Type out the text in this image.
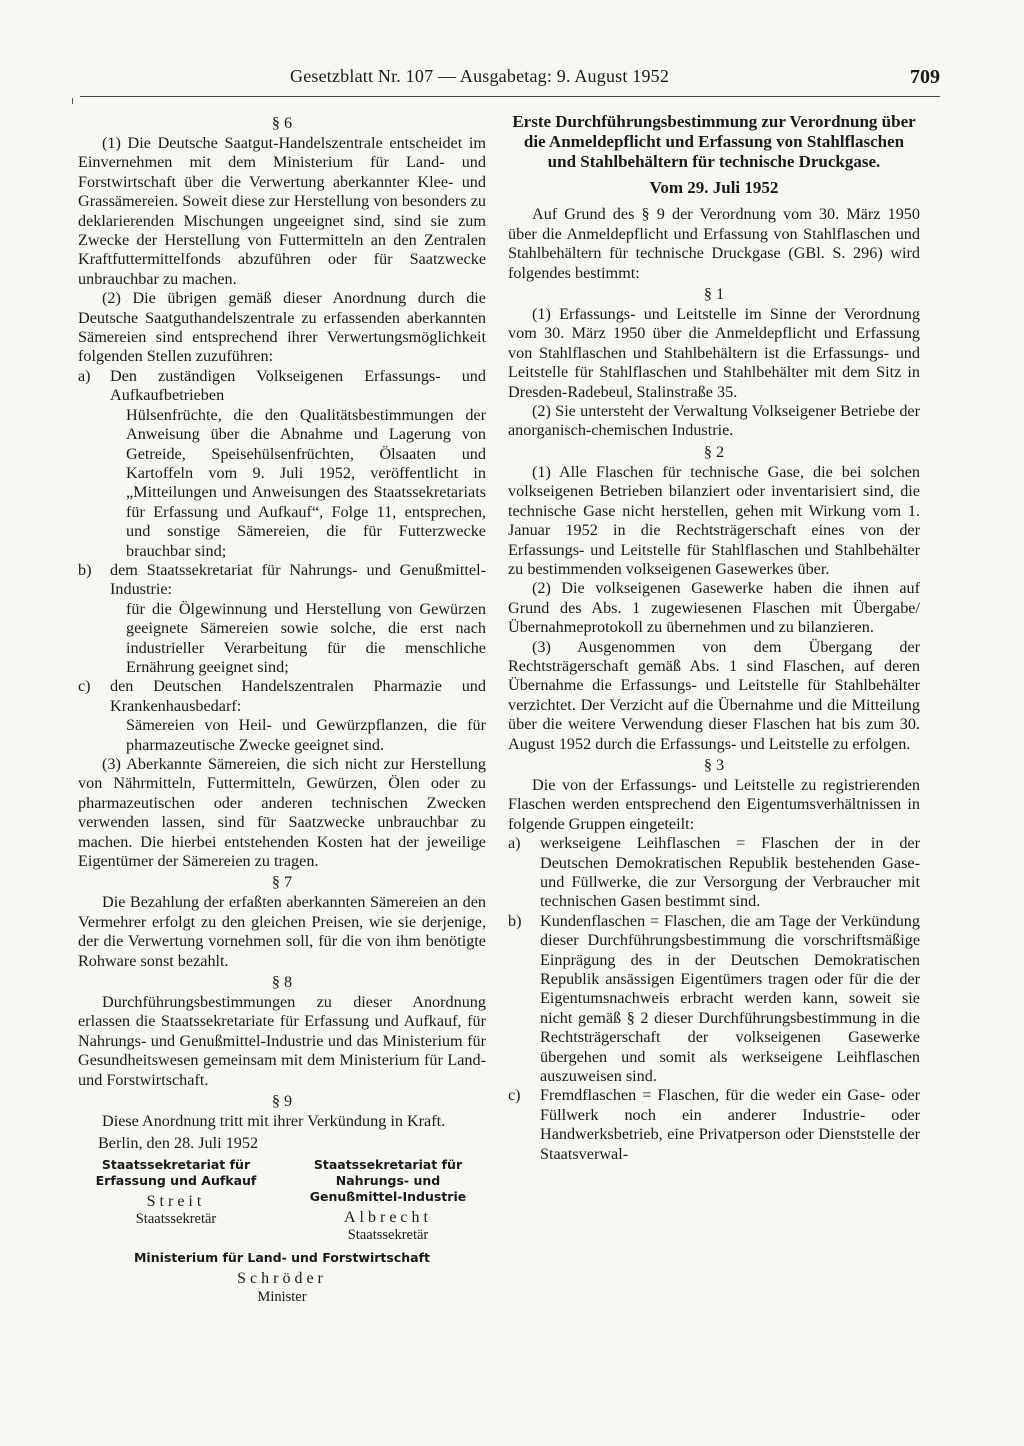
Gesetzblatt Nr. 107 — Ausgabetag: 9. August 1952	709

§ 6

(1) Die Deutsche Saatgut-Handelszentrale entscheidet im Einvernehmen mit dem Ministerium für Land- und Forstwirtschaft über die Verwertung aberkannter Klee- und Grassämereien. Soweit diese zur Herstellung von besonders zu deklarierenden Mischungen ungeeignet sind, sind sie zum Zwecke der Herstellung von Futtermitteln an den Zentralen Kraftfuttermittelfonds abzuführen oder für Saatzwecke unbrauchbar zu machen.

(2) Die übrigen gemäß dieser Anordnung durch die Deutsche Saatguthandelszentrale zu erfassenden aberkannten Sämereien sind entsprechend ihrer Verwertungsmöglichkeit folgenden Stellen zuzuführen:

a)	Den zuständigen Volkseigenen Erfassungs- und Aufkaufbetrieben

Hülsenfrüchte, die den Qualitätsbestimmungen der Anweisung über die Abnahme und Lagerung von Getreide, Speisehülsenfrüchten, Ölsaaten und Kartoffeln vom 9. Juli 1952, veröffentlicht in „Mitteilungen und Anweisungen des Staatssekretariats für Erfassung und Aufkauf“, Folge 11, entsprechen, und sonstige Sämereien, die für Futterzwecke brauchbar sind;

b)	dem Staatssekretariat für Nahrungs- und Genußmittel-Industrie:

für die Ölgewinnung und Herstellung von Gewürzen geeignete Sämereien sowie solche, die erst nach industrieller Verarbeitung für die menschliche Ernährung geeignet sind;

c)	den Deutschen Handelszentralen Pharmazie und Krankenhausbedarf:

Sämereien von Heil- und Gewürzpflanzen, die für pharmazeutische Zwecke geeignet sind.

(3) Aberkannte Sämereien, die sich nicht zur Herstellung von Nährmitteln, Futtermitteln, Gewürzen, Ölen oder zu pharmazeutischen oder anderen technischen Zwecken verwenden lassen, sind für Saatzwecke unbrauchbar zu machen. Die hierbei entstehenden Kosten hat der jeweilige Eigentümer der Sämereien zu tragen.

§ 7

Die Bezahlung der erfaßten aberkannten Sämereien an den Vermehrer erfolgt zu den gleichen Preisen, wie sie derjenige, der die Verwertung vornehmen soll, für die von ihm benötigte Rohware sonst bezahlt.

§ 8

Durchführungsbestimmungen zu dieser Anordnung erlassen die Staatssekretariate für Erfassung und Aufkauf, für Nahrungs- und Genußmittel-Industrie und das Ministerium für Gesundheitswesen gemeinsam mit dem Ministerium für Land- und Forstwirtschaft.

§ 9

Diese Anordnung tritt mit ihrer Verkündung in Kraft.

Berlin, den 28. Juli 1952

Staatssekretariat für Erfassung und Aufkauf
Streit
Staatssekretär
Staatssekretariat für Nahrungs- und Genußmittel-Industrie
Albrecht
Staatssekretär
Ministerium für Land- und Forstwirtschaft
Schröder
Minister

Erste Durchführungsbestimmung zur Verordnung über die Anmeldepflicht und Erfassung von Stahlflaschen und Stahlbehältern für technische Druckgase.

Vom 29. Juli 1952

Auf Grund des § 9 der Verordnung vom 30. März 1950 über die Anmeldepflicht und Erfassung von Stahlflaschen und Stahlbehältern für technische Druckgase (GBl. S. 296) wird folgendes bestimmt:

§ 1

(1) Erfassungs- und Leitstelle im Sinne der Verordnung vom 30. März 1950 über die Anmeldepflicht und Erfassung von Stahlflaschen und Stahlbehältern ist die Erfassungs- und Leitstelle für Stahlflaschen und Stahlbehälter mit dem Sitz in Dresden-Radebeul, Stalinstraße 35.

(2) Sie untersteht der Verwaltung Volkseigener Betriebe der anorganisch-chemischen Industrie.

§ 2

(1) Alle Flaschen für technische Gase, die bei solchen volkseigenen Betrieben bilanziert oder inventarisiert sind, die technische Gase nicht herstellen, gehen mit Wirkung vom 1. Januar 1952 in die Rechtsträgerschaft eines von der Erfassungs- und Leitstelle für Stahlflaschen und Stahlbehälter zu bestimmenden volkseigenen Gasewerkes über.

(2) Die volkseigenen Gasewerke haben die ihnen auf Grund des Abs. 1 zugewiesenen Flaschen mit Übergabe/Übernahmeprotokoll zu übernehmen und zu bilanzieren.

(3) Ausgenommen von dem Übergang der Rechtsträgerschaft gemäß Abs. 1 sind Flaschen, auf deren Übernahme die Erfassungs- und Leitstelle für Stahlbehälter verzichtet. Der Verzicht auf die Übernahme und die Mitteilung über die weitere Verwendung dieser Flaschen hat bis zum 30. August 1952 durch die Erfassungs- und Leitstelle zu erfolgen.

§ 3

Die von der Erfassungs- und Leitstelle zu registrierenden Flaschen werden entsprechend den Eigentumsverhältnissen in folgende Gruppen eingeteilt:

a)	werkseigene Leihflaschen = Flaschen der in der Deutschen Demokratischen Republik bestehenden Gase- und Füllwerke, die zur Versorgung der Verbraucher mit technischen Gasen bestimmt sind.
b)	Kundenflaschen = Flaschen, die am Tage der Verkündung dieser Durchführungsbestimmung die vorschriftsmäßige Einprägung des in der Deutschen Demokratischen Republik ansässigen Eigentümers tragen oder für die der Eigentumsnachweis erbracht werden kann, soweit sie nicht gemäß § 2 dieser Durchführungsbestimmung in die Rechtsträgerschaft der volkseigenen Gasewerke übergehen und somit als werkseigene Leihflaschen auszuweisen sind.
c)	Fremdflaschen = Flaschen, für die weder ein Gase- oder Füllwerk noch ein anderer Industrie- oder Handwerksbetrieb, eine Privatperson oder Dienststelle der Staatsverwal-
